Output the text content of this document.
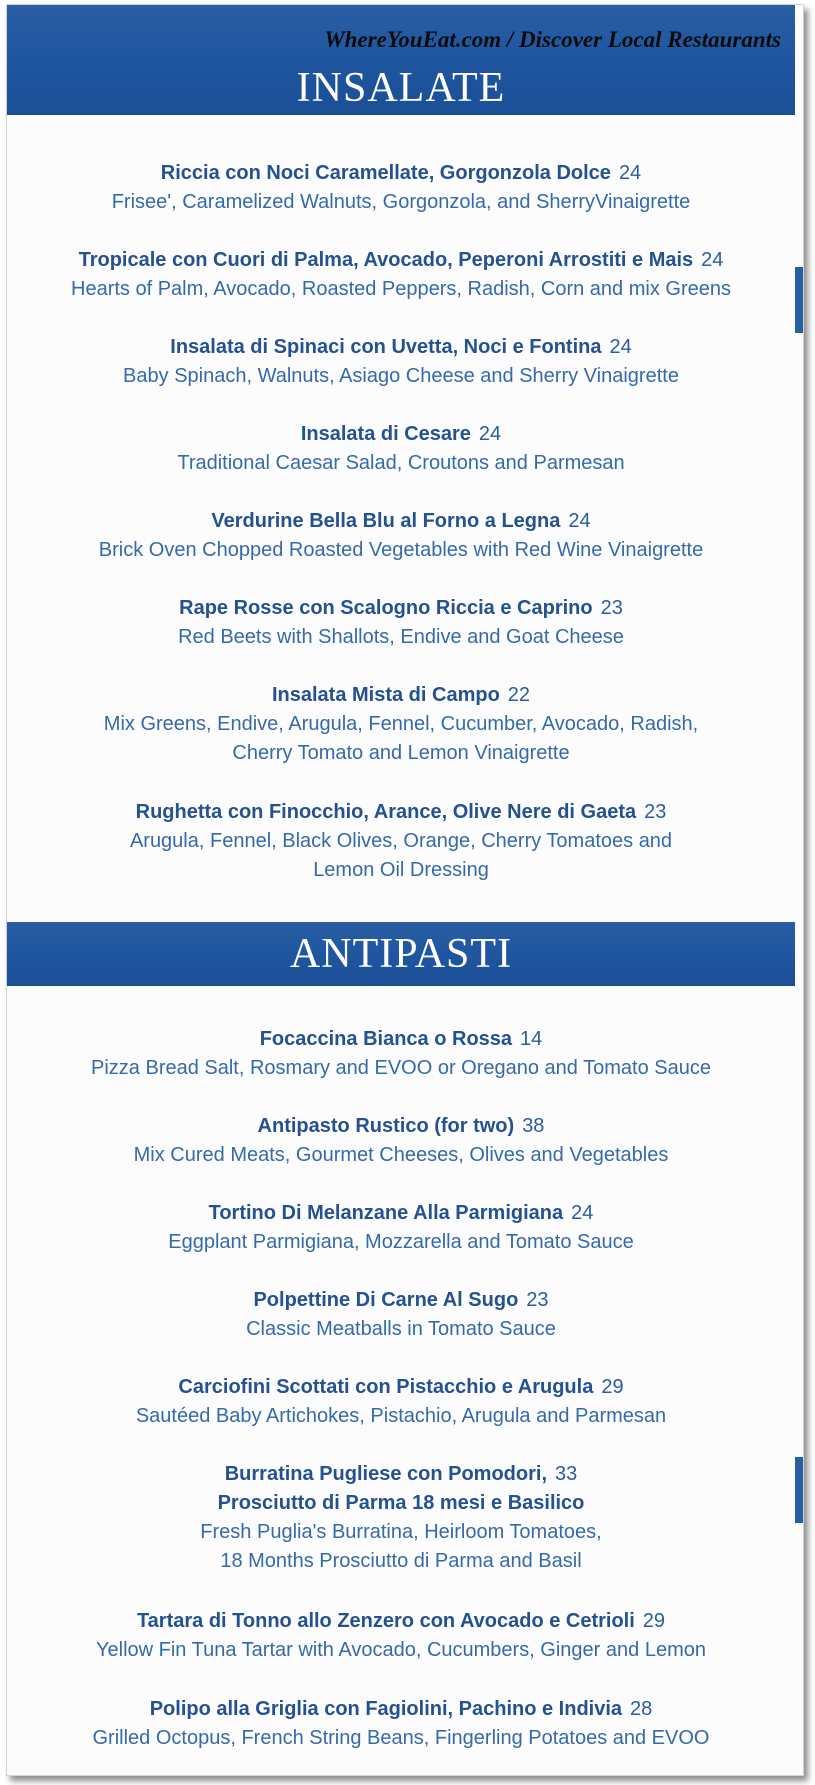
WhereYouEat.com / Discover Local Restaurants
INSALATE
Riccia con Noci Caramellate, Gorgonzola Dolce 24
Frisee', Caramelized Walnuts, Gorgonzola, and SherryVinaigrette
Tropicale con Cuori di Palma, Avocado, Peperoni Arrostiti e Mais 24
Hearts of Palm, Avocado, Roasted Peppers, Radish, Corn and mix Greens
Insalata di Spinaci con Uvetta, Noci e Fontina 24
Baby Spinach, Walnuts, Asiago Cheese and Sherry Vinaigrette
Insalata di Cesare 24
Traditional Caesar Salad, Croutons and Parmesan
Verdurine Bella Blu al Forno a Legna 24
Brick Oven Chopped Roasted Vegetables with Red Wine Vinaigrette
Rape Rosse con Scalogno Riccia e Caprino 23
Red Beets with Shallots, Endive and Goat Cheese
Insalata Mista di Campo 22
Mix Greens, Endive, Arugula, Fennel, Cucumber, Avocado, Radish,
Cherry Tomato and Lemon Vinaigrette
Rughetta con Finocchio, Arance, Olive Nere di Gaeta 23
Arugula, Fennel, Black Olives, Orange, Cherry Tomatoes and
Lemon Oil Dressing
ANTIPASTI
Focaccina Bianca o Rossa 14
Pizza Bread Salt, Rosmary and EVOO or Oregano and Tomato Sauce
Antipasto Rustico (for two) 38
Mix Cured Meats, Gourmet Cheeses, Olives and Vegetables
Tortino Di Melanzane Alla Parmigiana 24
Eggplant Parmigiana, Mozzarella and Tomato Sauce
Polpettine Di Carne Al Sugo 23
Classic Meatballs in Tomato Sauce
Carciofini Scottati con Pistacchio e Arugula 29
Sautéed Baby Artichokes, Pistachio, Arugula and Parmesan
Burratina Pugliese con Pomodori, 33
Prosciutto di Parma 18 mesi e Basilico
Fresh Puglia's Burratina, Heirloom Tomatoes,
18 Months Prosciutto di Parma and Basil
Tartara di Tonno allo Zenzero con Avocado e Cetrioli 29
Yellow Fin Tuna Tartar with Avocado, Cucumbers, Ginger and Lemon
Polipo alla Griglia con Fagiolini, Pachino e Indivia 28
Grilled Octopus, French String Beans, Fingerling Potatoes and EVOO
